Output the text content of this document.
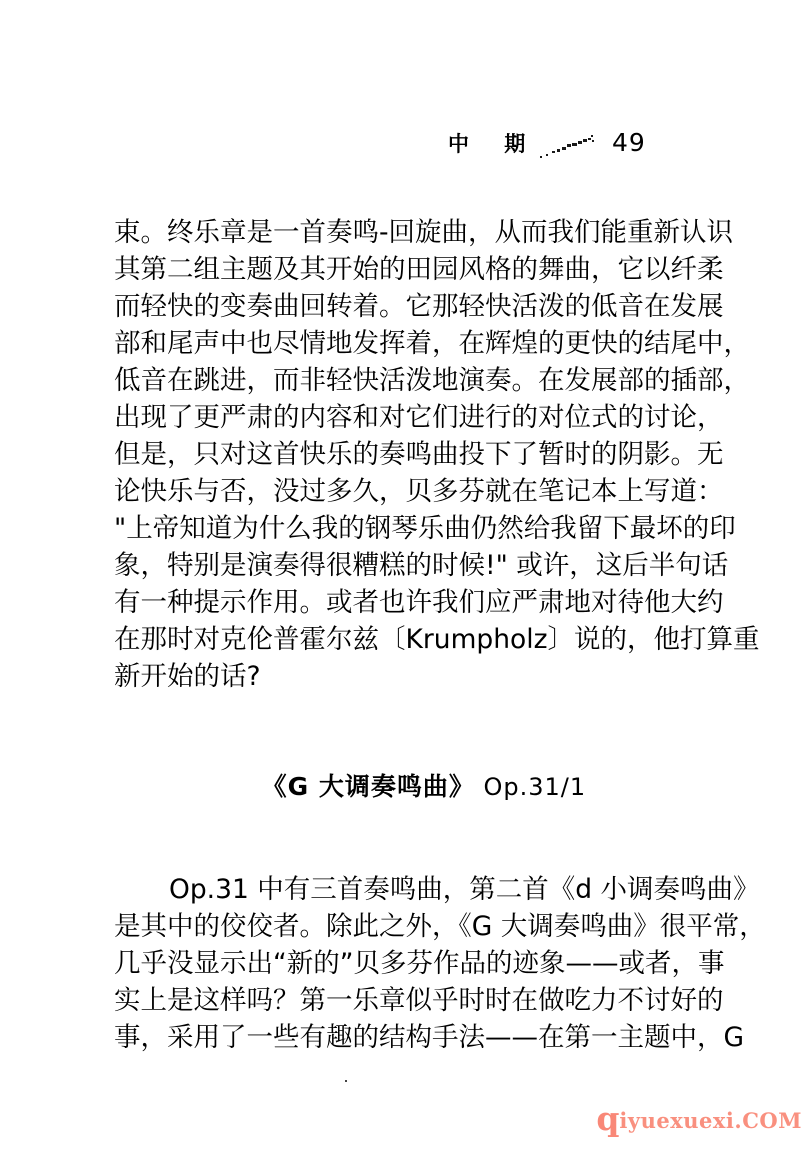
中 期	49

束。终乐章是一首奏鸣-回旋曲，从而我们能重新认识
其第二组主题及其开始的田园风格的舞曲，它以纤柔
而轻快的变奏曲回转着。它那轻快活泼的低音在发展
部和尾声中也尽情地发挥着，在辉煌的更快的结尾中，
低音在跳进，而非轻快活泼地演奏。在发展部的插部，
出现了更严肃的内容和对它们进行的对位式的讨论，
但是，只对这首快乐的奏鸣曲投下了暂时的阴影。无
论快乐与否，没过多久，贝多芬就在笔记本上写道：
"上帝知道为什么我的钢琴乐曲仍然给我留下最坏的印
象，特别是演奏得很糟糕的时候!" 或许，这后半句话
有一种提示作用。或者也许我们应严肃地对待他大约
在那时对克伦普霍尔兹〔Krumpholz〕说的，他打算重
新开始的话?

《G 大调奏鸣曲》 Op.31/1

Op.31 中有三首奏鸣曲，第二首《d 小调奏鸣曲》
是其中的佼佼者。除此之外，《G 大调奏鸣曲》很平常，
几乎没显示出“新的”贝多芬作品的迹象——或者，事
实上是这样吗？第一乐章似乎时时在做吃力不讨好的
事，采用了一些有趣的结构手法——在第一主题中，G

qiyuexuexi.COM
